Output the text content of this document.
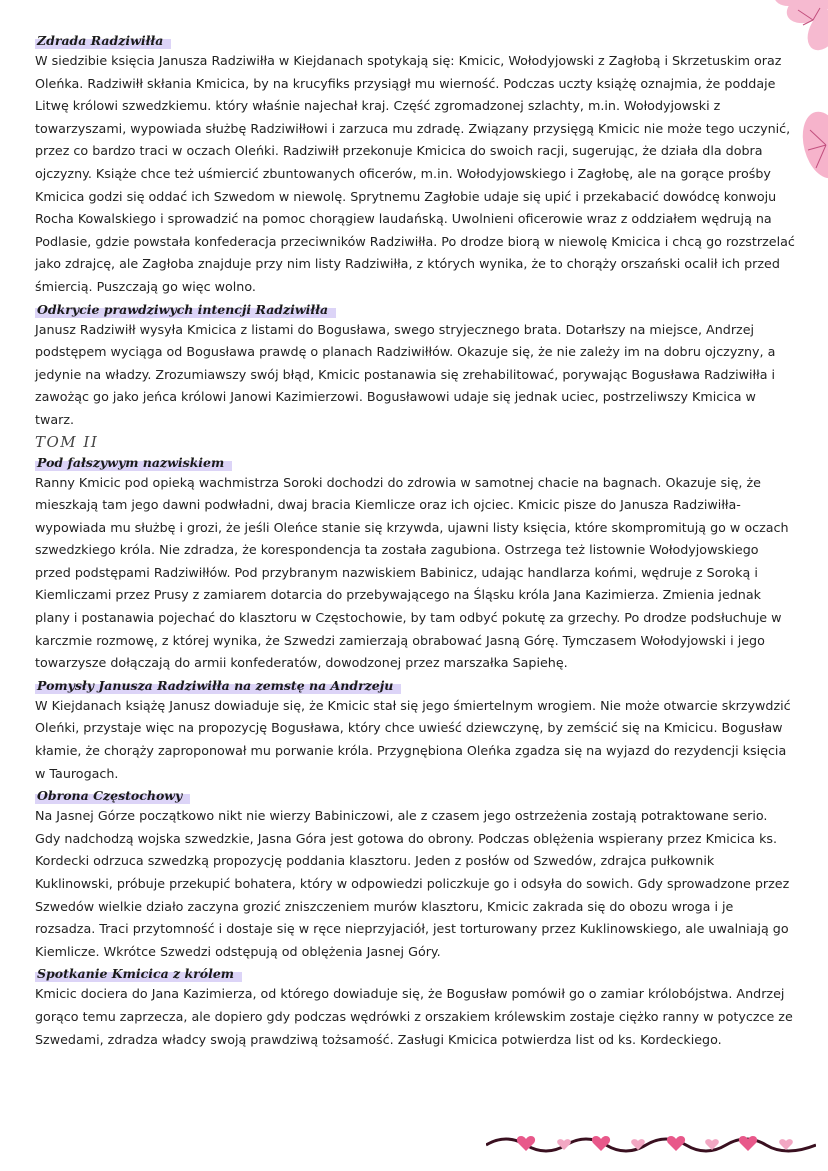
Zdrada Radziwiłła

W siedzibie księcia Janusza Radziwiłła w Kiejdanach spotykają się: Kmicic, Wołodyjowski z Zagłobą i Skrzetuskim oraz Oleńka. Radziwiłł skłania Kmicica, by na krucyfiks przysiągł mu wierność. Podczas uczty książę oznajmia, że poddaje Litwę królowi szwedzkiemu. który właśnie najechał kraj. Część zgromadzonej szlachty, m.in. Wołodyjowski z towarzyszami, wypowiada służbę Radziwiłłowi i zarzuca mu zdradę. Związany przysięgą Kmicic nie może tego uczynić, przez co bardzo traci w oczach Oleńki. Radziwiłł przekonuje Kmicica do swoich racji, sugerując, że działa dla dobra ojczyzny. Książe chce też uśmiercić zbuntowanych oficerów, m.in. Wołodyjowskiego i Zagłobę, ale na gorące prośby Kmicica godzi się oddać ich Szwedom w niewolę. Sprytnemu Zagłobie udaje się upić i przekabacić dowódcę konwoju Rocha Kowalskiego i sprowadzić na pomoc chorągiew laudańską. Uwolnieni oficerowie wraz z oddziałem wędrują na Podlasie, gdzie powstała konfederacja przeciwników Radziwiłła. Po drodze biorą w niewolę Kmicica i chcą go rozstrzelać jako zdrajcę, ale Zagłoba znajduje przy nim listy Radziwiłła, z których wynika, że to chorąży orszański ocalił ich przed śmiercią. Puszczają go więc wolno.

Odkrycie prawdziwych intencji Radziwiłła

Janusz Radziwiłł wysyła Kmicica z listami do Bogusława, swego stryjecznego brata. Dotarłszy na miejsce, Andrzej podstępem wyciąga od Bogusława prawdę o planach Radziwiłłów. Okazuje się, że nie zależy im na dobru ojczyzny, a jedynie na władzy. Zrozumiawszy swój błąd, Kmicic postanawia się zrehabilitować, porywając Bogusława Radziwiłła i zawożąc go jako jeńca królowi Janowi Kazimierzowi. Bogusławowi udaje się jednak uciec, postrzeliwszy Kmicica w twarz.

TOM II

Pod fałszywym nazwiskiem

Ranny Kmicic pod opieką wachmistrza Soroki dochodzi do zdrowia w samotnej chacie na bagnach. Okazuje się, że mieszkają tam jego dawni podwładni, dwaj bracia Kiemlicze oraz ich ojciec. Kmicic pisze do Janusza Radziwiłła- wypowiada mu służbę i grozi, że jeśli Oleńce stanie się krzywda, ujawni listy księcia, które skompromitują go w oczach szwedzkiego króla. Nie zdradza, że korespondencja ta została zagubiona. Ostrzega też listownie Wołodyjowskiego przed podstępami Radziwiłłów. Pod przybranym nazwiskiem Babinicz, udając handlarza końmi, wędruje z Soroką i Kiemliczami przez Prusy z zamiarem dotarcia do przebywającego na Śląsku króla Jana Kazimierza. Zmienia jednak plany i postanawia pojechać do klasztoru w Częstochowie, by tam odbyć pokutę za grzechy. Po drodze podsłuchuje w karczmie rozmowę, z której wynika, że Szwedzi zamierzają obrabować Jasną Górę. Tymczasem Wołodyjowski i jego towarzysze dołączają do armii konfederatów, dowodzonej przez marszałka Sapiehę.

Pomysły Janusza Radziwiłła na zemstę na Andrzeju

W Kiejdanach książę Janusz dowiaduje się, że Kmicic stał się jego śmiertelnym wrogiem. Nie może otwarcie skrzywdzić Oleńki, przystaje więc na propozycję Bogusława, który chce uwieść dziewczynę, by zemścić się na Kmicicu. Bogusław kłamie, że chorąży zaproponował mu porwanie króla. Przygnębiona Oleńka zgadza się na wyjazd do rezydencji księcia w Taurogach.

Obrona Częstochowy

Na Jasnej Górze początkowo nikt nie wierzy Babiniczowi, ale z czasem jego ostrzeżenia zostają potraktowane serio. Gdy nadchodzą wojska szwedzkie, Jasna Góra jest gotowa do obrony. Podczas oblężenia wspierany przez Kmicica ks. Kordecki odrzuca szwedzką propozycję poddania klasztoru. Jeden z posłów od Szwedów, zdrajca pułkownik Kuklinowski, próbuje przekupić bohatera, który w odpowiedzi policzkuje go i odsyła do sowich. Gdy sprowadzone przez Szwedów wielkie działo zaczyna grozić zniszczeniem murów klasztoru, Kmicic zakrada się do obozu wroga i je rozsadza. Traci przytomność i dostaje się w ręce nieprzyjaciół, jest torturowany przez Kuklinowskiego, ale uwalniają go Kiemlicze. Wkrótce Szwedzi odstępują od oblężenia Jasnej Góry.

Spotkanie Kmicica z królem

Kmicic dociera do Jana Kazimierza, od którego dowiaduje się, że Bogusław pomówił go o zamiar królobójstwa. Andrzej gorąco temu zaprzecza, ale dopiero gdy podczas wędrówki z orszakiem królewskim zostaje ciężko ranny w potyczce ze Szwedami, zdradza władcy swoją prawdziwą tożsamość. Zasługi Kmicica potwierdza list od ks. Kordeckiego.
